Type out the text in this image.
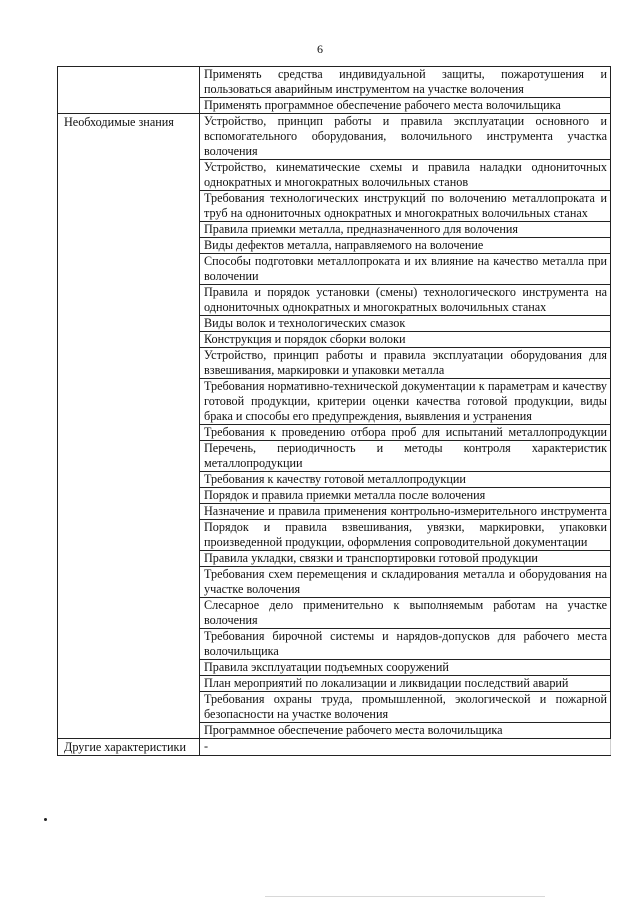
6
	Применять средства индивидуальной защиты, пожаротушения и пользоваться аварийным инструментом на участке волочения
	Применять программное обеспечение рабочего места волочильщика
Необходимые знания	Устройство, принцип работы и правила эксплуатации основного и вспомогательного оборудования, волочильного инструмента участка волочения
	Устройство, кинематические схемы и правила наладки однониточных однократных и многократных волочильных станов
	Требования технологических инструкций по волочению металлопроката и труб на однониточных однократных и многократных волочильных станах
	Правила приемки металла, предназначенного для волочения
	Виды дефектов металла, направляемого на волочение
	Способы подготовки металлопроката и их влияние на качество металла при волочении
	Правила и порядок установки (смены) технологического инструмента на однониточных однократных и многократных волочильных станах
	Виды волок и технологических смазок
	Конструкция и порядок сборки волоки
	Устройство, принцип работы и правила эксплуатации оборудования для взвешивания, маркировки и упаковки металла
	Требования нормативно-технической документации к параметрам и качеству готовой продукции, критерии оценки качества готовой продукции, виды брака и способы его предупреждения, выявления и устранения
	Требования к проведению отбора проб для испытаний металлопродукции
	Перечень, периодичность и методы контроля характеристик металлопродукции
	Требования к качеству готовой металлопродукции
	Порядок и правила приемки металла после волочения
	Назначение и правила применения контрольно-измерительного инструмента
	Порядок и правила взвешивания, увязки, маркировки, упаковки произведенной продукции, оформления сопроводительной документации
	Правила укладки, связки и транспортировки готовой продукции
	Требования схем перемещения и складирования металла и оборудования на участке волочения
	Слесарное дело применительно к выполняемым работам на участке волочения
	Требования бирочной системы и нарядов-допусков для рабочего места волочильщика
	Правила эксплуатации подъемных сооружений
	План мероприятий по локализации и ликвидации последствий аварий
	Требования охраны труда, промышленной, экологической и пожарной безопасности на участке волочения
	Программное обеспечение рабочего места волочильщика
Другие характеристики	-
